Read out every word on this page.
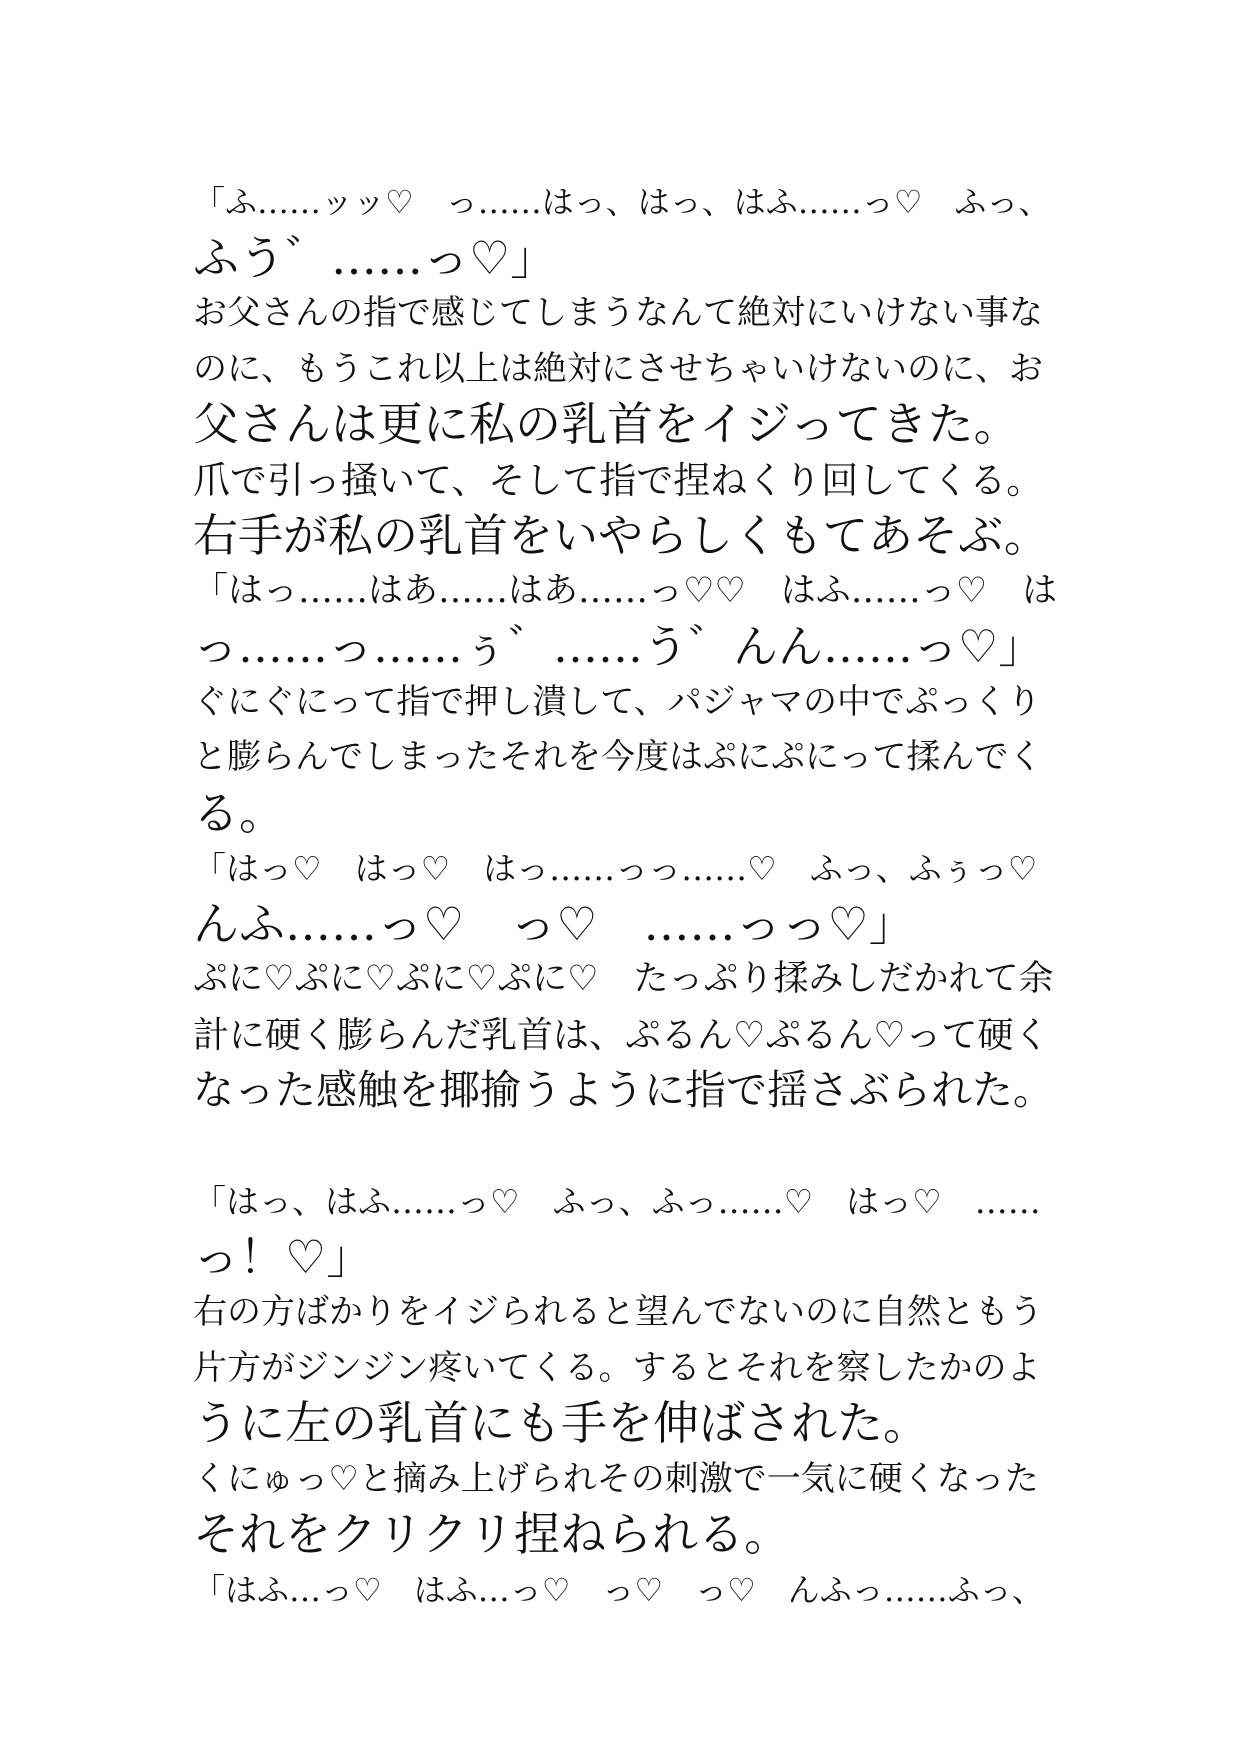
「ふ……ッッ♡　っ……はっ、はっ、はふ……っ♡　ふっ、
ふう゛……っ♡」
お父さんの指で感じてしまうなんて絶対にいけない事な
のに、もうこれ以上は絶対にさせちゃいけないのに、お
父さんは更に私の乳首をイジってきた。
爪で引っ掻いて、そして指で捏ねくり回してくる。
右手が私の乳首をいやらしくもてあそぶ。
「はっ……はあ……はあ……っ♡♡　はふ……っ♡　は
っ……っ……ぅ゛……う゛んん……っ♡」
ぐにぐにって指で押し潰して、パジャマの中でぷっくり
と膨らんでしまったそれを今度はぷにぷにって揉んでく
る。
「はっ♡　はっ♡　はっ……っっ……♡　ふっ、ふぅっ♡
んふ……っ♡　っ♡　……っっ♡」
ぷに♡ぷに♡ぷに♡ぷに♡　たっぷり揉みしだかれて余
計に硬く膨らんだ乳首は、ぷるん♡ぷるん♡って硬く
なった感触を揶揄うように指で揺さぶられた。
「はっ、はふ……っ♡　ふっ、ふっ……♡　はっ♡　……
っ！♡」
右の方ばかりをイジられると望んでないのに自然ともう
片方がジンジン疼いてくる。するとそれを察したかのよ
うに左の乳首にも手を伸ばされた。
くにゅっ♡と摘み上げられその刺激で一気に硬くなった
それをクリクリ捏ねられる。
「はふ…っ♡　はふ…っ♡　っ♡　っ♡　んふっ……ふっ、
